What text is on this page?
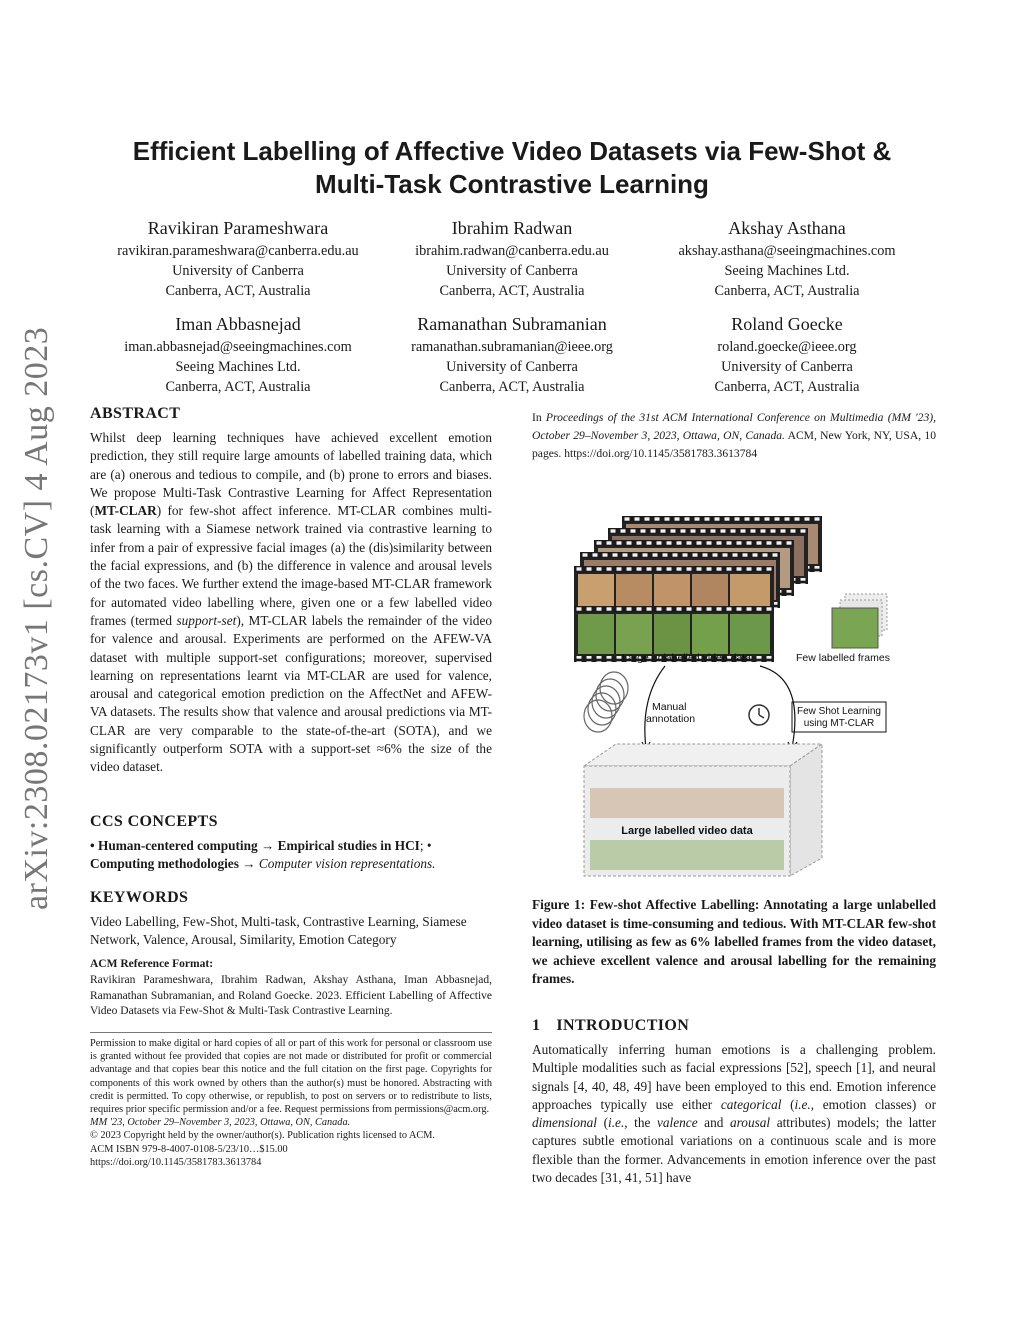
arXiv:2308.02173v1 [cs.CV] 4 Aug 2023
Efficient Labelling of Affective Video Datasets via Few-Shot &
Multi-Task Contrastive Learning
Ravikiran Parameshwara
ravikiran.parameshwara@canberra.edu.au
University of Canberra
Canberra, ACT, Australia
Ibrahim Radwan
ibrahim.radwan@canberra.edu.au
University of Canberra
Canberra, ACT, Australia
Akshay Asthana
akshay.asthana@seeingmachines.com
Seeing Machines Ltd.
Canberra, ACT, Australia
Iman Abbasnejad
iman.abbasnejad@seeingmachines.com
Seeing Machines Ltd.
Canberra, ACT, Australia
Ramanathan Subramanian
ramanathan.subramanian@ieee.org
University of Canberra
Canberra, ACT, Australia
Roland Goecke
roland.goecke@ieee.org
University of Canberra
Canberra, ACT, Australia
ABSTRACT

Whilst deep learning techniques have achieved excellent emotion prediction, they still require large amounts of labelled training data, which are (a) onerous and tedious to compile, and (b) prone to errors and biases. We propose Multi-Task Contrastive Learning for Affect Representation (MT-CLAR) for few-shot affect inference. MT-CLAR combines multi-task learning with a Siamese network trained via contrastive learning to infer from a pair of expressive facial images (a) the (dis)similarity between the facial expressions, and (b) the difference in valence and arousal levels of the two faces. We further extend the image-based MT-CLAR framework for automated video labelling where, given one or a few labelled video frames (termed support-set), MT-CLAR labels the remainder of the video for valence and arousal. Experiments are performed on the AFEW-VA dataset with multiple support-set configurations; moreover, supervised learning on representations learnt via MT-CLAR are used for valence, arousal and categorical emotion prediction on the AffectNet and AFEW-VA datasets. The results show that valence and arousal predictions via MT-CLAR are very comparable to the state-of-the-art (SOTA), and we significantly outperform SOTA with a support-set ≈6% the size of the video dataset.

CCS CONCEPTS

• Human-centered computing → Empirical studies in HCI; •
Computing methodologies → Computer vision representations.

KEYWORDS

Video Labelling, Few-Shot, Multi-task, Contrastive Learning, Siamese Network, Valence, Arousal, Similarity, Emotion Category

ACM Reference Format:

Ravikiran Parameshwara, Ibrahim Radwan, Akshay Asthana, Iman Abbasnejad, Ramanathan Subramanian, and Roland Goecke. 2023. Efficient Labelling of Affective Video Datasets via Few-Shot & Multi-Task Contrastive Learning.

Permission to make digital or hard copies of all or part of this work for personal or classroom use is granted without fee provided that copies are not made or distributed for profit or commercial advantage and that copies bear this notice and the full citation on the first page. Copyrights for components of this work owned by others than the author(s) must be honored. Abstracting with credit is permitted. To copy otherwise, or republish, to post on servers or to redistribute to lists, requires prior specific permission and/or a fee. Request permissions from permissions@acm.org.

MM '23, October 29–November 3, 2023, Ottawa, ON, Canada.

© 2023 Copyright held by the owner/author(s). Publication rights licensed to ACM.

ACM ISBN 979-8-4007-0108-5/23/10…$15.00

https://doi.org/10.1145/3581783.3613784

In Proceedings of the 31st ACM International Conference on Multimedia (MM '23), October 29–November 3, 2023, Ottawa, ON, Canada. ACM, New York, NY, USA, 10 pages. https://doi.org/10.1145/3581783.3613784

Large unlabelled video data	Few labelled frames
Manual
annotation
Few Shot Learning
using MT-CLAR
Large labelled video data

Figure 1: Few-shot Affective Labelling: Annotating a large unlabelled video dataset is time-consuming and tedious. With MT-CLAR few-shot learning, utilising as few as 6% labelled frames from the video dataset, we achieve excellent valence and arousal labelling for the remaining frames.

1 INTRODUCTION

Automatically inferring human emotions is a challenging problem. Multiple modalities such as facial expressions [52], speech [1], and neural signals [4, 40, 48, 49] have been employed to this end. Emotion inference approaches typically use either categorical (i.e., emotion classes) or dimensional (i.e., the valence and arousal attributes) models; the latter captures subtle emotional variations on a continuous scale and is more flexible than the former. Advancements in emotion inference over the past two decades [31, 41, 51] have
